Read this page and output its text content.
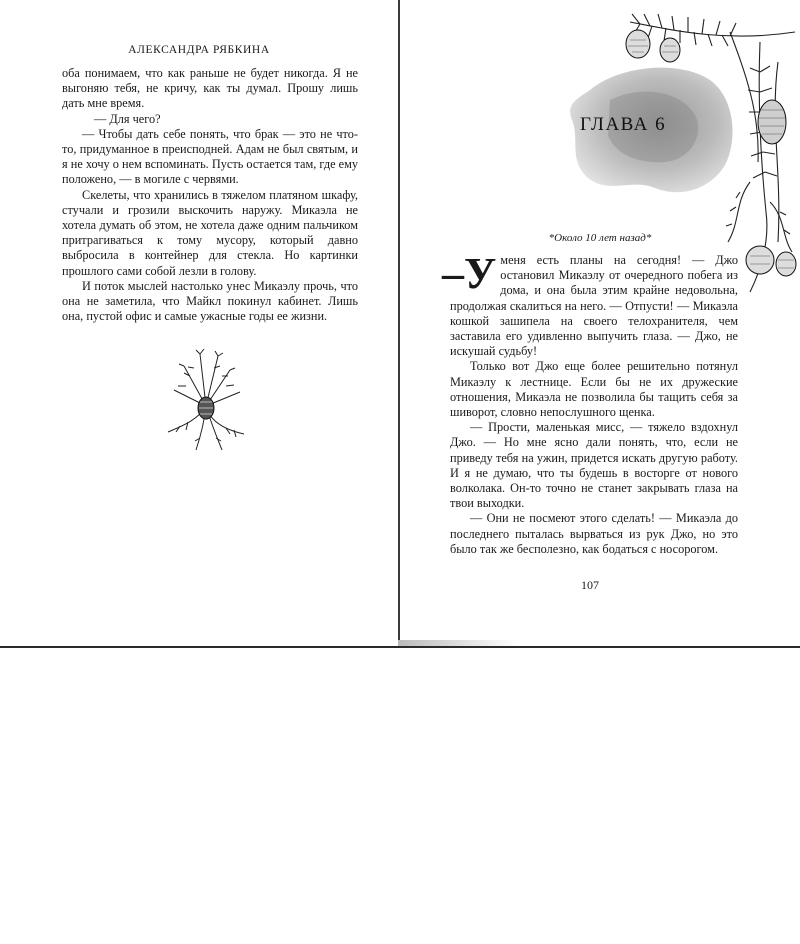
АЛЕКСАНДРА РЯБКИНА

оба понимаем, что как раньше не будет никогда. Я не выгоняю тебя, не кричу, как ты думал. Прошу лишь дать мне время.

— Для чего?

— Чтобы дать себе понять, что брак — это не что-то, придуманное в преисподней. Адам не был святым, и я не хочу о нем вспоминать. Пусть остается там, где ему положено, — в могиле с червями.

Скелеты, что хранились в тяжелом платяном шкафу, стучали и грозили выскочить наружу. Микаэла не хотела думать об этом, не хотела даже одним пальчиком притрагиваться к тому мусору, который давно выбросила в контейнер для стекла. Но картинки прошлого сами собой лезли в голову.

И поток мыслей настолько унес Микаэлу прочь, что она не заметила, что Майкл покинул кабинет. Лишь она, пустой офис и самые ужасные годы ее жизни.

ГЛАВА 6
*Около 10 лет назад*

–У меня есть планы на сегодня! — Джо остановил Микаэлу от очередного побега из дома, и она была этим крайне недовольна, продолжая скалиться на него. — Отпусти! — Микаэла кошкой зашипела на своего телохранителя, чем заставила его удивленно выпучить глаза. — Джо, не искушай судьбу!

Только вот Джо еще более решительно потянул Микаэлу к лестнице. Если бы не их дружеские отношения, Микаэла не позволила бы тащить себя за шиворот, словно непослушного щенка.

— Прости, маленькая мисс, — тяжело вздохнул Джо. — Но мне ясно дали понять, что, если не приведу тебя на ужин, придется искать другую работу. И я не думаю, что ты будешь в восторге от нового волколака. Он-то точно не станет закрывать глаза на твои выходки.

— Они не посмеют этого сделать! — Микаэла до последнего пыталась вырваться из рук Джо, но это было так же бесполезно, как бодаться с носорогом.

107
